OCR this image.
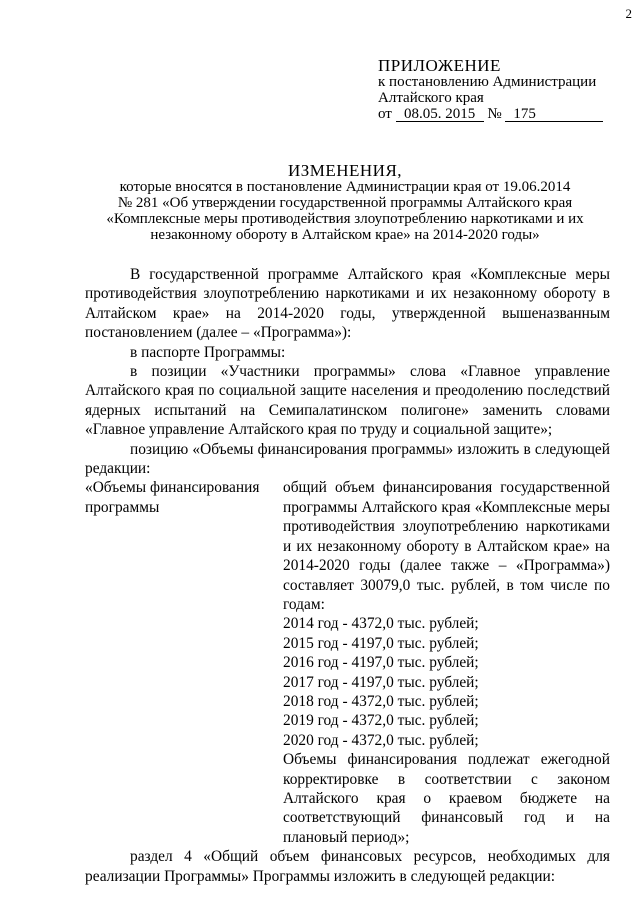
2
ПРИЛОЖЕНИЕ
к постановлению Администрации
Алтайского края
от 08.05. 2015 № 175
ИЗМЕНЕНИЯ,
которые вносятся в постановление Администрации края от 19.06.2014
№ 281 «Об утверждении государственной программы Алтайского края
«Комплексные меры противодействия злоупотреблению наркотиками и их
незаконному обороту в Алтайском крае» на 2014-2020 годы»
В государственной программе Алтайского края «Комплексные меры противодействия злоупотреблению наркотиками и их незаконному обороту в Алтайском крае» на 2014-2020 годы, утвержденной вышеназванным постановлением (далее – «Программа»):
в паспорте Программы:
в позиции «Участники программы» слова «Главное управление Алтайского края по социальной защите населения и преодолению последствий ядерных испытаний на Семипалатинском полигоне» заменить словами «Главное управление Алтайского края по труду и социальной защите»;
позицию «Объемы финансирования программы» изложить в следующей редакции:
«Объемы финансирования программы
общий объем финансирования государственной программы Алтайского края «Комплексные меры противодействия злоупотреблению наркотиками и их незаконному обороту в Алтайском крае» на 2014-2020 годы (далее также – «Программа») составляет 30079,0 тыс. рублей, в том числе по годам:
2014 год - 4372,0 тыс. рублей;
2015 год - 4197,0 тыс. рублей;
2016 год - 4197,0 тыс. рублей;
2017 год - 4197,0 тыс. рублей;
2018 год - 4372,0 тыс. рублей;
2019 год - 4372,0 тыс. рублей;
2020 год - 4372,0 тыс. рублей;
Объемы финансирования подлежат ежегодной корректировке в соответствии с законом Алтайского края о краевом бюджете на соответствующий финансовый год и на плановый период»;
раздел 4 «Общий объем финансовых ресурсов, необходимых для реализации Программы» Программы изложить в следующей редакции:
